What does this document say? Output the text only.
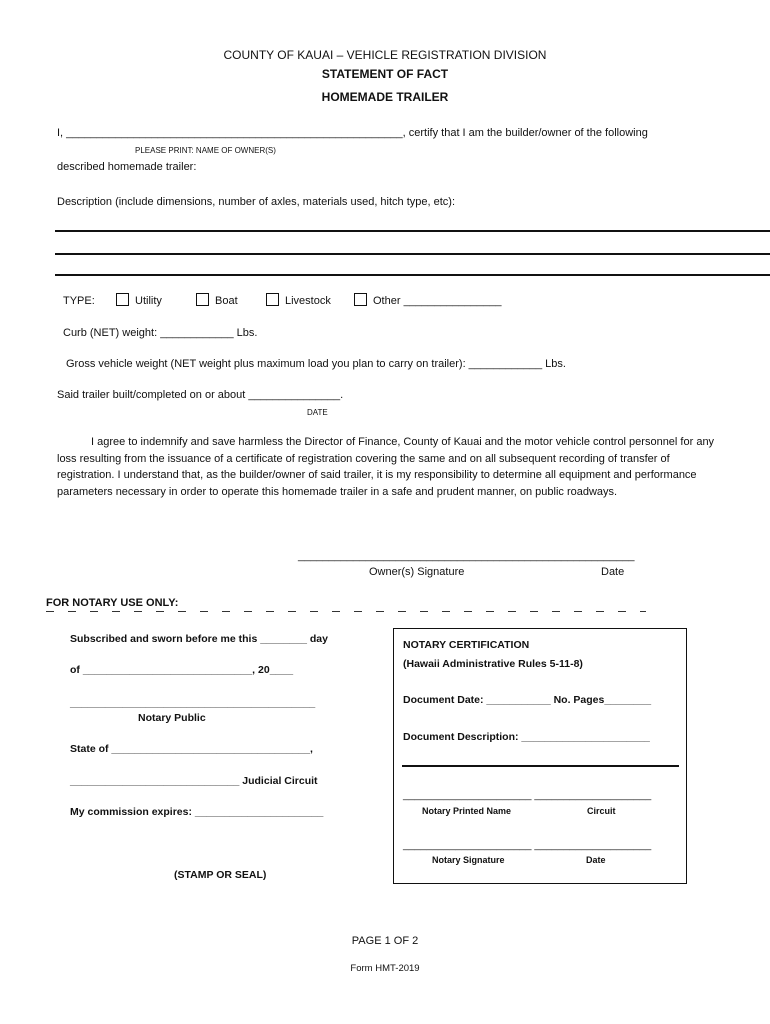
COUNTY OF KAUAI – VEHICLE REGISTRATION DIVISION
STATEMENT OF FACT
HOMEMADE TRAILER
I, _______________________________________________________, certify that I am the builder/owner of the following
PLEASE PRINT: NAME OF OWNER(S)
described homemade trailer:
Description (include dimensions, number of axles, materials used, hitch type, etc):
TYPE:	Utility	Boat	Livestock	Other ________________
Curb (NET) weight: ____________ Lbs.
Gross vehicle weight (NET weight plus maximum load you plan to carry on trailer): ____________ Lbs.
Said trailer built/completed on or about _______________.
DATE
I agree to indemnify and save harmless the Director of Finance, County of Kauai and the motor vehicle control personnel for any loss resulting from the issuance of a certificate of registration covering the same and on all subsequent recording of transfer of registration. I understand that, as the builder/owner of said trailer, it is my responsibility to determine all equipment and performance parameters necessary in order to operate this homemade trailer in a safe and prudent manner, on public roadways.
_______________________________________________________
Owner(s) Signature	Date
FOR NOTARY USE ONLY:
Subscribed and sworn before me this ________ day
of _____________________________, 20____
__________________________________________
Notary Public
State of __________________________________,
_____________________________ Judicial Circuit
My commission expires: ______________________
(STAMP OR SEAL)
NOTARY CERTIFICATION
(Hawaii Administrative Rules 5-11-8)
Document Date: ___________ No. Pages________
Document Description: ______________________
______________________ ____________________
Notary Printed Name	Circuit
______________________ ____________________
Notary Signature	Date
PAGE 1 OF 2
Form HMT-2019
